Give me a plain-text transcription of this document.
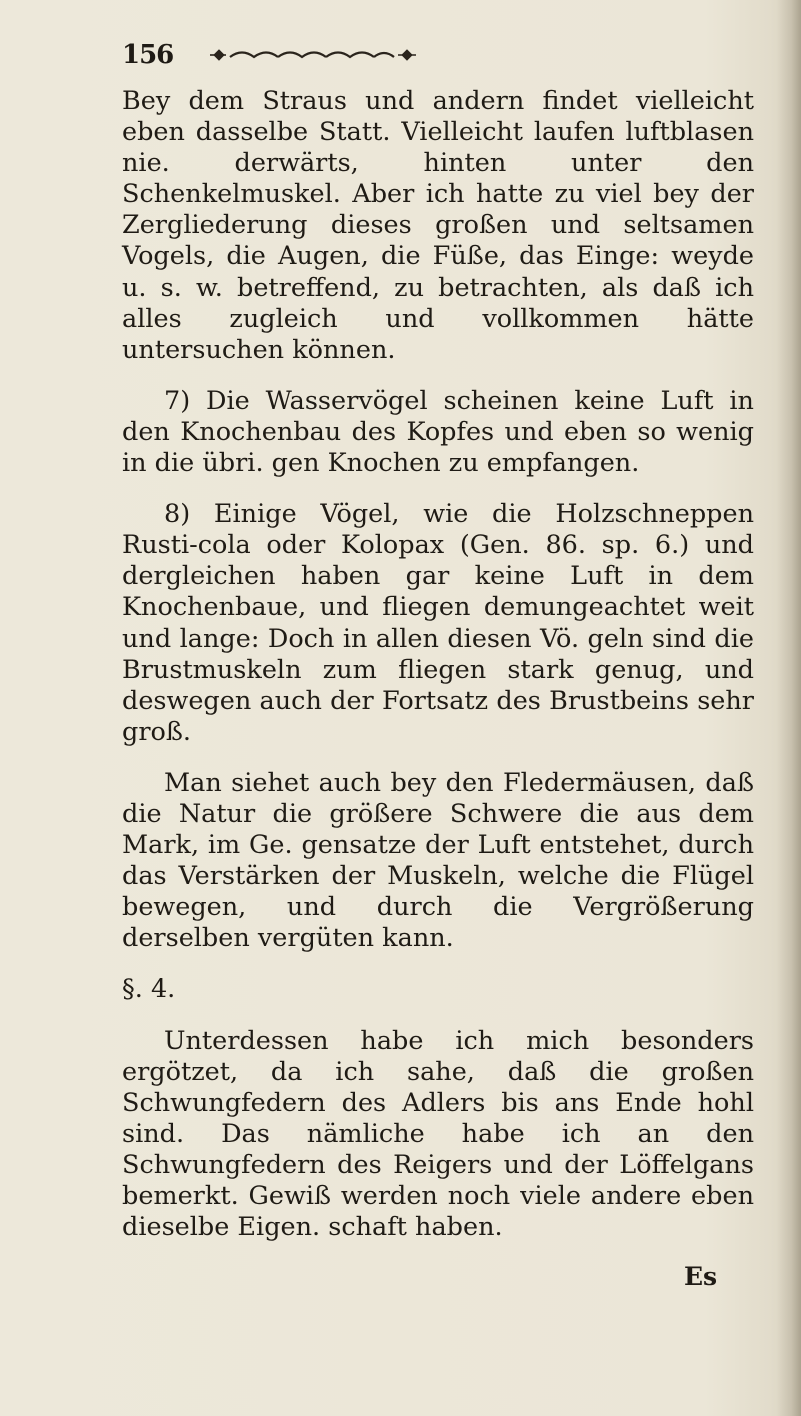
156

Bey dem Straus und andern findet vielleicht eben dasselbe Statt. Vielleicht laufen luftblasen nie. derwärts, hinten unter den Schenkelmuskel. Aber ich hatte zu viel bey der Zergliederung dieses großen und seltsamen Vogels, die Augen, die Füße, das Einge: weyde u. s. w. betreffend, zu betrachten, als daß ich alles zugleich und vollkommen hätte untersuchen können.

7) Die Wasservögel scheinen keine Luft in den Knochenbau des Kopfes und eben so wenig in die übri. gen Knochen zu empfangen.

8) Einige Vögel, wie die Holzschneppen Rusti-cola oder Kolopax (Gen. 86. sp. 6.) und dergleichen haben gar keine Luft in dem Knochenbaue, und fliegen demungeachtet weit und lange: Doch in allen diesen Vö. geln sind die Brustmuskeln zum fliegen stark genug, und deswegen auch der Fortsatz des Brustbeins sehr groß.

Man siehet auch bey den Fledermäusen, daß die Natur die größere Schwere die aus dem Mark, im Ge. gensatze der Luft entstehet, durch das Verstärken der Muskeln, welche die Flügel bewegen, und durch die Vergrößerung derselben vergüten kann.

§. 4.

Unterdessen habe ich mich besonders ergötzet, da ich sahe, daß die großen Schwungfedern des Adlers bis ans Ende hohl sind. Das nämliche habe ich an den Schwungfedern des Reigers und der Löffelgans bemerkt. Gewiß werden noch viele andere eben dieselbe Eigen. schaft haben.

Es
